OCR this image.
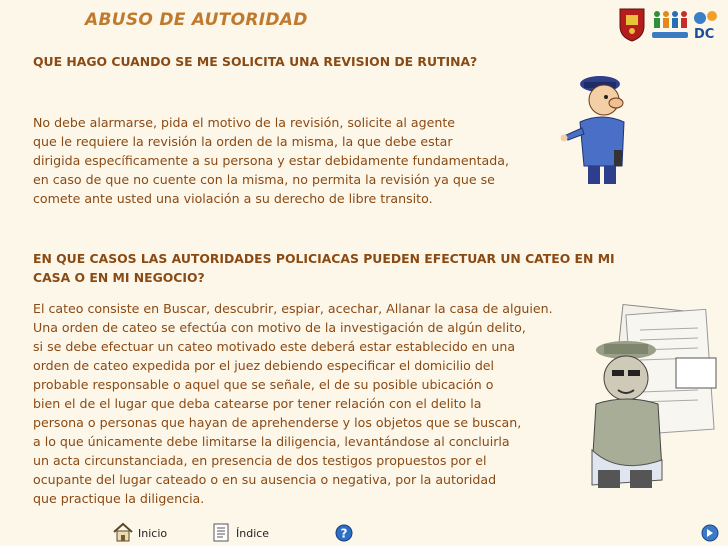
ABUSO DE AUTORIDAD
DC
QUE HAGO CUANDO SE ME SOLICITA UNA REVISION DE RUTINA?
No debe alarmarse, pida el motivo de la revisión, solicite al agente
que le requiere la revisión la orden de la misma, la que debe estar
dirigida específicamente a su persona y estar debidamente fundamentada,
en caso de que no cuente con la misma, no permita la revisión ya que se
comete ante usted una violación a su derecho de libre transito.
EN QUE CASOS LAS AUTORIDADES POLICIACAS PUEDEN EFECTUAR UN CATEO EN MI
CASA O EN MI NEGOCIO?
El cateo consiste en Buscar, descubrir, espiar, acechar, Allanar la casa de alguien.
Una orden de cateo se efectúa con motivo de la investigación de algún delito,
si se debe efectuar un cateo motivado este deberá estar establecido en una
orden de cateo expedida por el juez debiendo especificar el domicilio del
probable responsable o aquel que se señale, el de su posible ubicación o
bien el de el lugar que deba catearse por tener relación con el delito la
persona o personas que hayan de aprehenderse y los objetos que se buscan,
a lo que únicamente debe limitarse la diligencia, levantándose al concluirla
un acta circunstanciada, en presencia de dos testigos propuestos por el
ocupante del lugar cateado o en su ausencia o negativa, por la autoridad
que practique la diligencia.
Inicio	Índice	?
